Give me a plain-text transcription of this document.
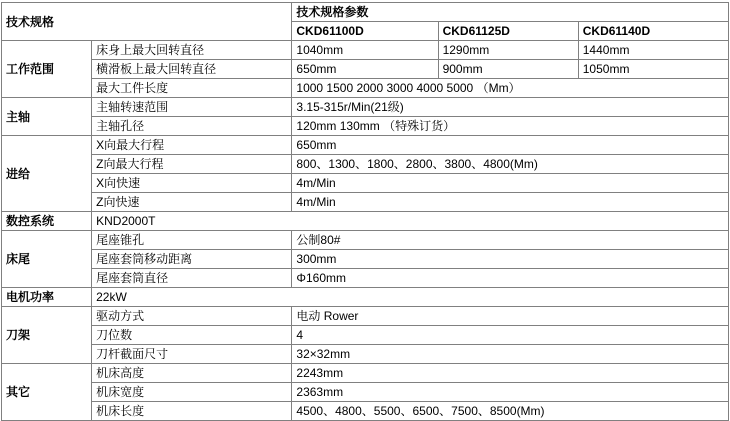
技术规格		技术规格参数		
		CKD61100D	CKD61125D	CKD61140D
工作范围	床身上最大回转直径	1040mm	1290mm	1440mm
	横滑板上最大回转直径	650mm	900mm	1050mm
	最大工件长度	1000 1500 2000 3000 4000 5000 （Mm）		
主轴	主轴转速范围	3.15-315r/Min(21级)		
	主轴孔径	120mm 130mm （特殊订货）		
进给	X向最大行程	650mm		
	Z向最大行程	800、1300、1800、2800、3800、4800(Mm)		
	X向快速	4m/Min		
	Z向快速	4m/Min		
数控系统	KND2000T			
床尾	尾座锥孔	公制80#		
	尾座套筒移动距离	300mm		
	尾座套筒直径	Φ160mm		
电机功率	22kW			
刀架	驱动方式	电动 Rower		
	刀位数	4		
	刀杆截面尺寸	32×32mm		
其它	机床高度	2243mm		
	机床宽度	2363mm		
	机床长度	4500、4800、5500、6500、7500、8500(Mm)		
